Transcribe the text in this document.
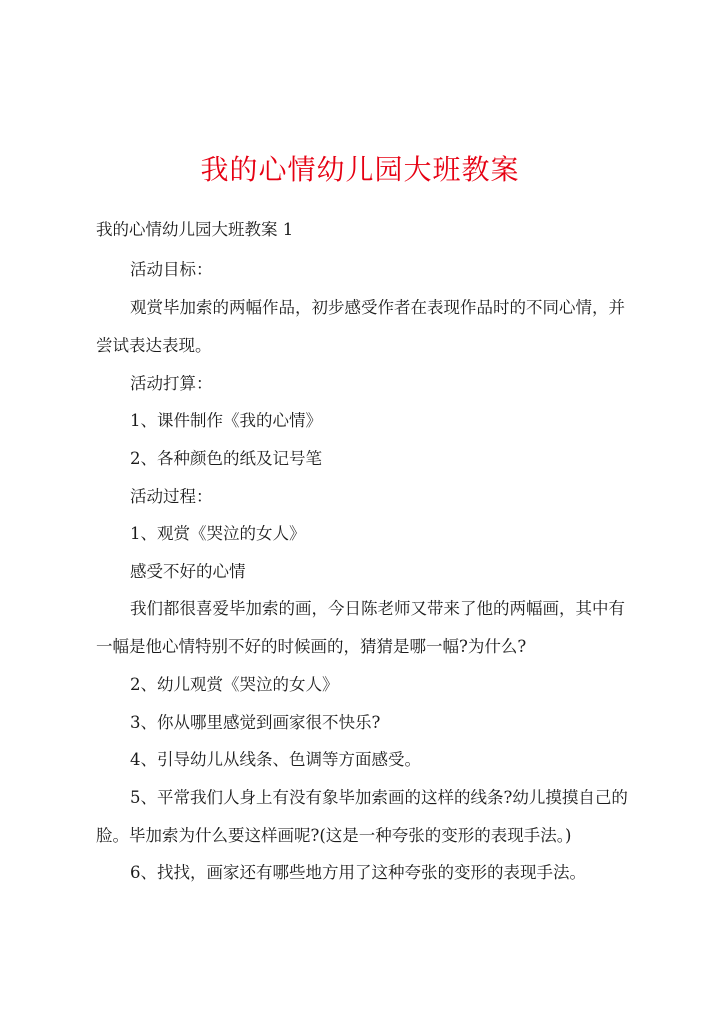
我的心情幼儿园大班教案

我的心情幼儿园大班教案 1

活动目标：

观赏毕加索的两幅作品，初步感受作者在表现作品时的不同心情，并

尝试表达表现。

活动打算：

1、课件制作《我的心情》

2、各种颜色的纸及记号笔

活动过程：

1、观赏《哭泣的女人》

感受不好的心情

我们都很喜爱毕加索的画，今日陈老师又带来了他的两幅画，其中有

一幅是他心情特别不好的时候画的，猜猜是哪一幅?为什么?

2、幼儿观赏《哭泣的女人》

3、你从哪里感觉到画家很不快乐?

4、引导幼儿从线条、色调等方面感受。

5、平常我们人身上有没有象毕加索画的这样的线条?幼儿摸摸自己的

脸。毕加索为什么要这样画呢?(这是一种夸张的变形的表现手法。)

6、找找，画家还有哪些地方用了这种夸张的变形的表现手法。
